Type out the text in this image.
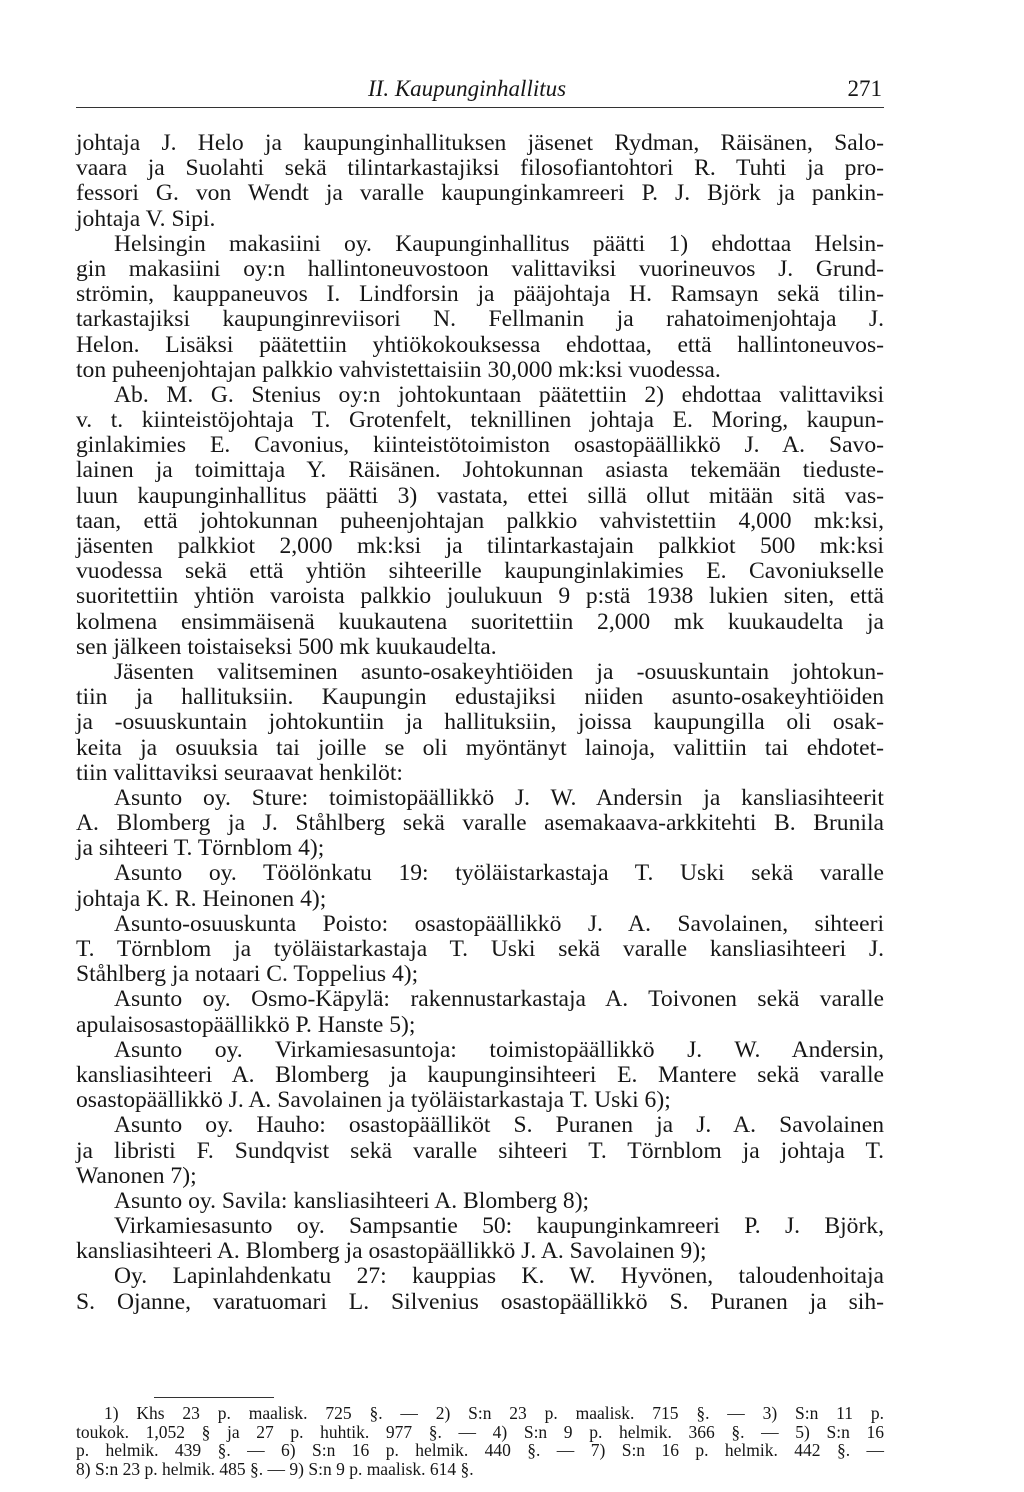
II. Kaupunginhallitus	271
johtaja J. Helo ja kaupunginhallituksen jäsenet Rydman, Räisänen, Salo-
vaara ja Suolahti sekä tilintarkastajiksi filosofiantohtori R. Tuhti ja pro-
fessori G. von Wendt ja varalle kaupunginkamreeri P. J. Björk ja pankin-
johtaja V. Sipi.
Helsingin makasiini oy. Kaupunginhallitus päätti 1) ehdottaa Helsin-
gin makasiini oy:n hallintoneuvostoon valittaviksi vuorineuvos J. Grund-
strömin, kauppaneuvos I. Lindforsin ja pääjohtaja H. Ramsayn sekä tilin-
tarkastajiksi kaupunginreviisori N. Fellmanin ja rahatoimenjohtaja J.
Helon. Lisäksi päätettiin yhtiökokouksessa ehdottaa, että hallintoneuvos-
ton puheenjohtajan palkkio vahvistettaisiin 30,000 mk:ksi vuodessa.
Ab. M. G. Stenius oy:n johtokuntaan päätettiin 2) ehdottaa valittaviksi
v. t. kiinteistöjohtaja T. Grotenfelt, teknillinen johtaja E. Moring, kaupun-
ginlakimies E. Cavonius, kiinteistötoimiston osastopäällikkö J. A. Savo-
lainen ja toimittaja Y. Räisänen. Johtokunnan asiasta tekemään tieduste-
luun kaupunginhallitus päätti 3) vastata, ettei sillä ollut mitään sitä vas-
taan, että johtokunnan puheenjohtajan palkkio vahvistettiin 4,000 mk:ksi,
jäsenten palkkiot 2,000 mk:ksi ja tilintarkastajain palkkiot 500 mk:ksi
vuodessa sekä että yhtiön sihteerille kaupunginlakimies E. Cavoniukselle
suoritettiin yhtiön varoista palkkio joulukuun 9 p:stä 1938 lukien siten, että
kolmena ensimmäisenä kuukautena suoritettiin 2,000 mk kuukaudelta ja
sen jälkeen toistaiseksi 500 mk kuukaudelta.
Jäsenten valitseminen asunto-osakeyhtiöiden ja -osuuskuntain johtokun-
tiin ja hallituksiin. Kaupungin edustajiksi niiden asunto-osakeyhtiöiden
ja -osuuskuntain johtokuntiin ja hallituksiin, joissa kaupungilla oli osak-
keita ja osuuksia tai joille se oli myöntänyt lainoja, valittiin tai ehdotet-
tiin valittaviksi seuraavat henkilöt:
Asunto oy. Sture: toimistopäällikkö J. W. Andersin ja kansliasihteerit
A. Blomberg ja J. Ståhlberg sekä varalle asemakaava-arkkitehti B. Brunila
ja sihteeri T. Törnblom 4);
Asunto oy. Töölönkatu 19: työläistarkastaja T. Uski sekä varalle
johtaja K. R. Heinonen 4);
Asunto-osuuskunta Poisto: osastopäällikkö J. A. Savolainen, sihteeri
T. Törnblom ja työläistarkastaja T. Uski sekä varalle kansliasihteeri J.
Ståhlberg ja notaari C. Toppelius 4);
Asunto oy. Osmo-Käpylä: rakennustarkastaja A. Toivonen sekä varalle
apulaisosastopäällikkö P. Hanste 5);
Asunto oy. Virkamiesasuntoja: toimistopäällikkö J. W. Andersin,
kansliasihteeri A. Blomberg ja kaupunginsihteeri E. Mantere sekä varalle
osastopäällikkö J. A. Savolainen ja työläistarkastaja T. Uski 6);
Asunto oy. Hauho: osastopäälliköt S. Puranen ja J. A. Savolainen
ja libristi F. Sundqvist sekä varalle sihteeri T. Törnblom ja johtaja T.
Wanonen 7);
Asunto oy. Savila: kansliasihteeri A. Blomberg 8);
Virkamiesasunto oy. Sampsantie 50: kaupunginkamreeri P. J. Björk,
kansliasihteeri A. Blomberg ja osastopäällikkö J. A. Savolainen 9);
Oy. Lapinlahdenkatu 27: kauppias K. W. Hyvönen, taloudenhoitaja
S. Ojanne, varatuomari L. Silvenius osastopäällikkö S. Puranen ja sih-
1) Khs 23 p. maalisk. 725 §. — 2) S:n 23 p. maalisk. 715 §. — 3) S:n 11 p.
toukok. 1,052 § ja 27 p. huhtik. 977 §. — 4) S:n 9 p. helmik. 366 §. — 5) S:n 16
p. helmik. 439 §. — 6) S:n 16 p. helmik. 440 §. — 7) S:n 16 p. helmik. 442 §. —
8) S:n 23 p. helmik. 485 §. — 9) S:n 9 p. maalisk. 614 §.
